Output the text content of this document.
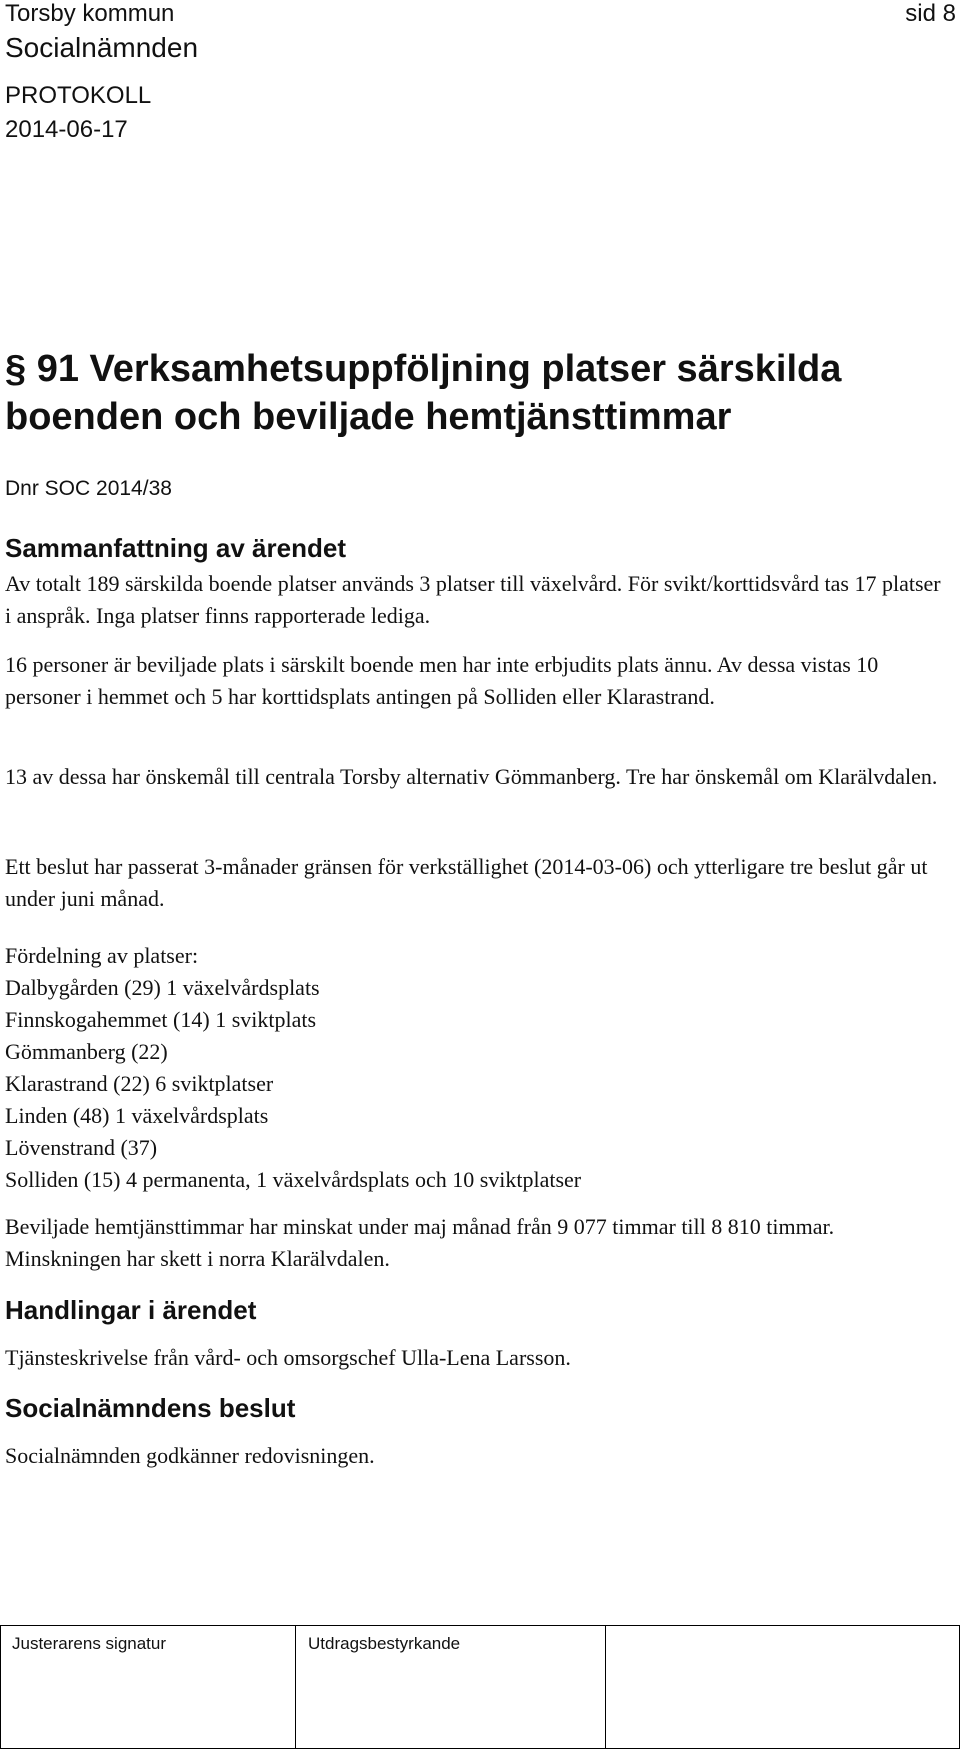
Torsby kommun	sid 8
Socialnämnden
PROTOKOLL
2014-06-17
§ 91 Verksamhetsuppföljning platser särskilda boenden och beviljade hemtjänsttimmar
Dnr SOC 2014/38
Sammanfattning av ärendet
Av totalt 189 särskilda boende platser används 3 platser till växelvård. För svikt/korttidsvård tas 17 platser i anspråk. Inga platser finns rapporterade lediga.
16 personer är beviljade plats i särskilt boende men har inte erbjudits plats ännu. Av dessa vistas 10 personer i hemmet och 5 har korttidsplats antingen på Solliden eller Klarastrand.
13 av dessa har önskemål till centrala Torsby alternativ Gömmanberg. Tre har önskemål om Klarälvdalen.
Ett beslut har passerat 3-månader gränsen för verkställighet (2014-03-06) och ytterligare tre beslut går ut under juni månad.
Fördelning av platser:
Dalbygården (29) 1 växelvårdsplats
Finnskogahemmet (14) 1 sviktplats
Gömmanberg (22)
Klarastrand (22) 6 sviktplatser
Linden (48) 1 växelvårdsplats
Lövenstrand (37)
Solliden (15) 4 permanenta, 1 växelvårdsplats och 10 sviktplatser
Beviljade hemtjänsttimmar har minskat under maj månad från 9 077 timmar till 8 810 timmar. Minskningen har skett i norra Klarälvdalen.
Handlingar i ärendet
Tjänsteskrivelse från vård- och omsorgschef Ulla-Lena Larsson.
Socialnämndens beslut
Socialnämnden godkänner redovisningen.
Justerarens signatur	Utdragsbestyrkande
